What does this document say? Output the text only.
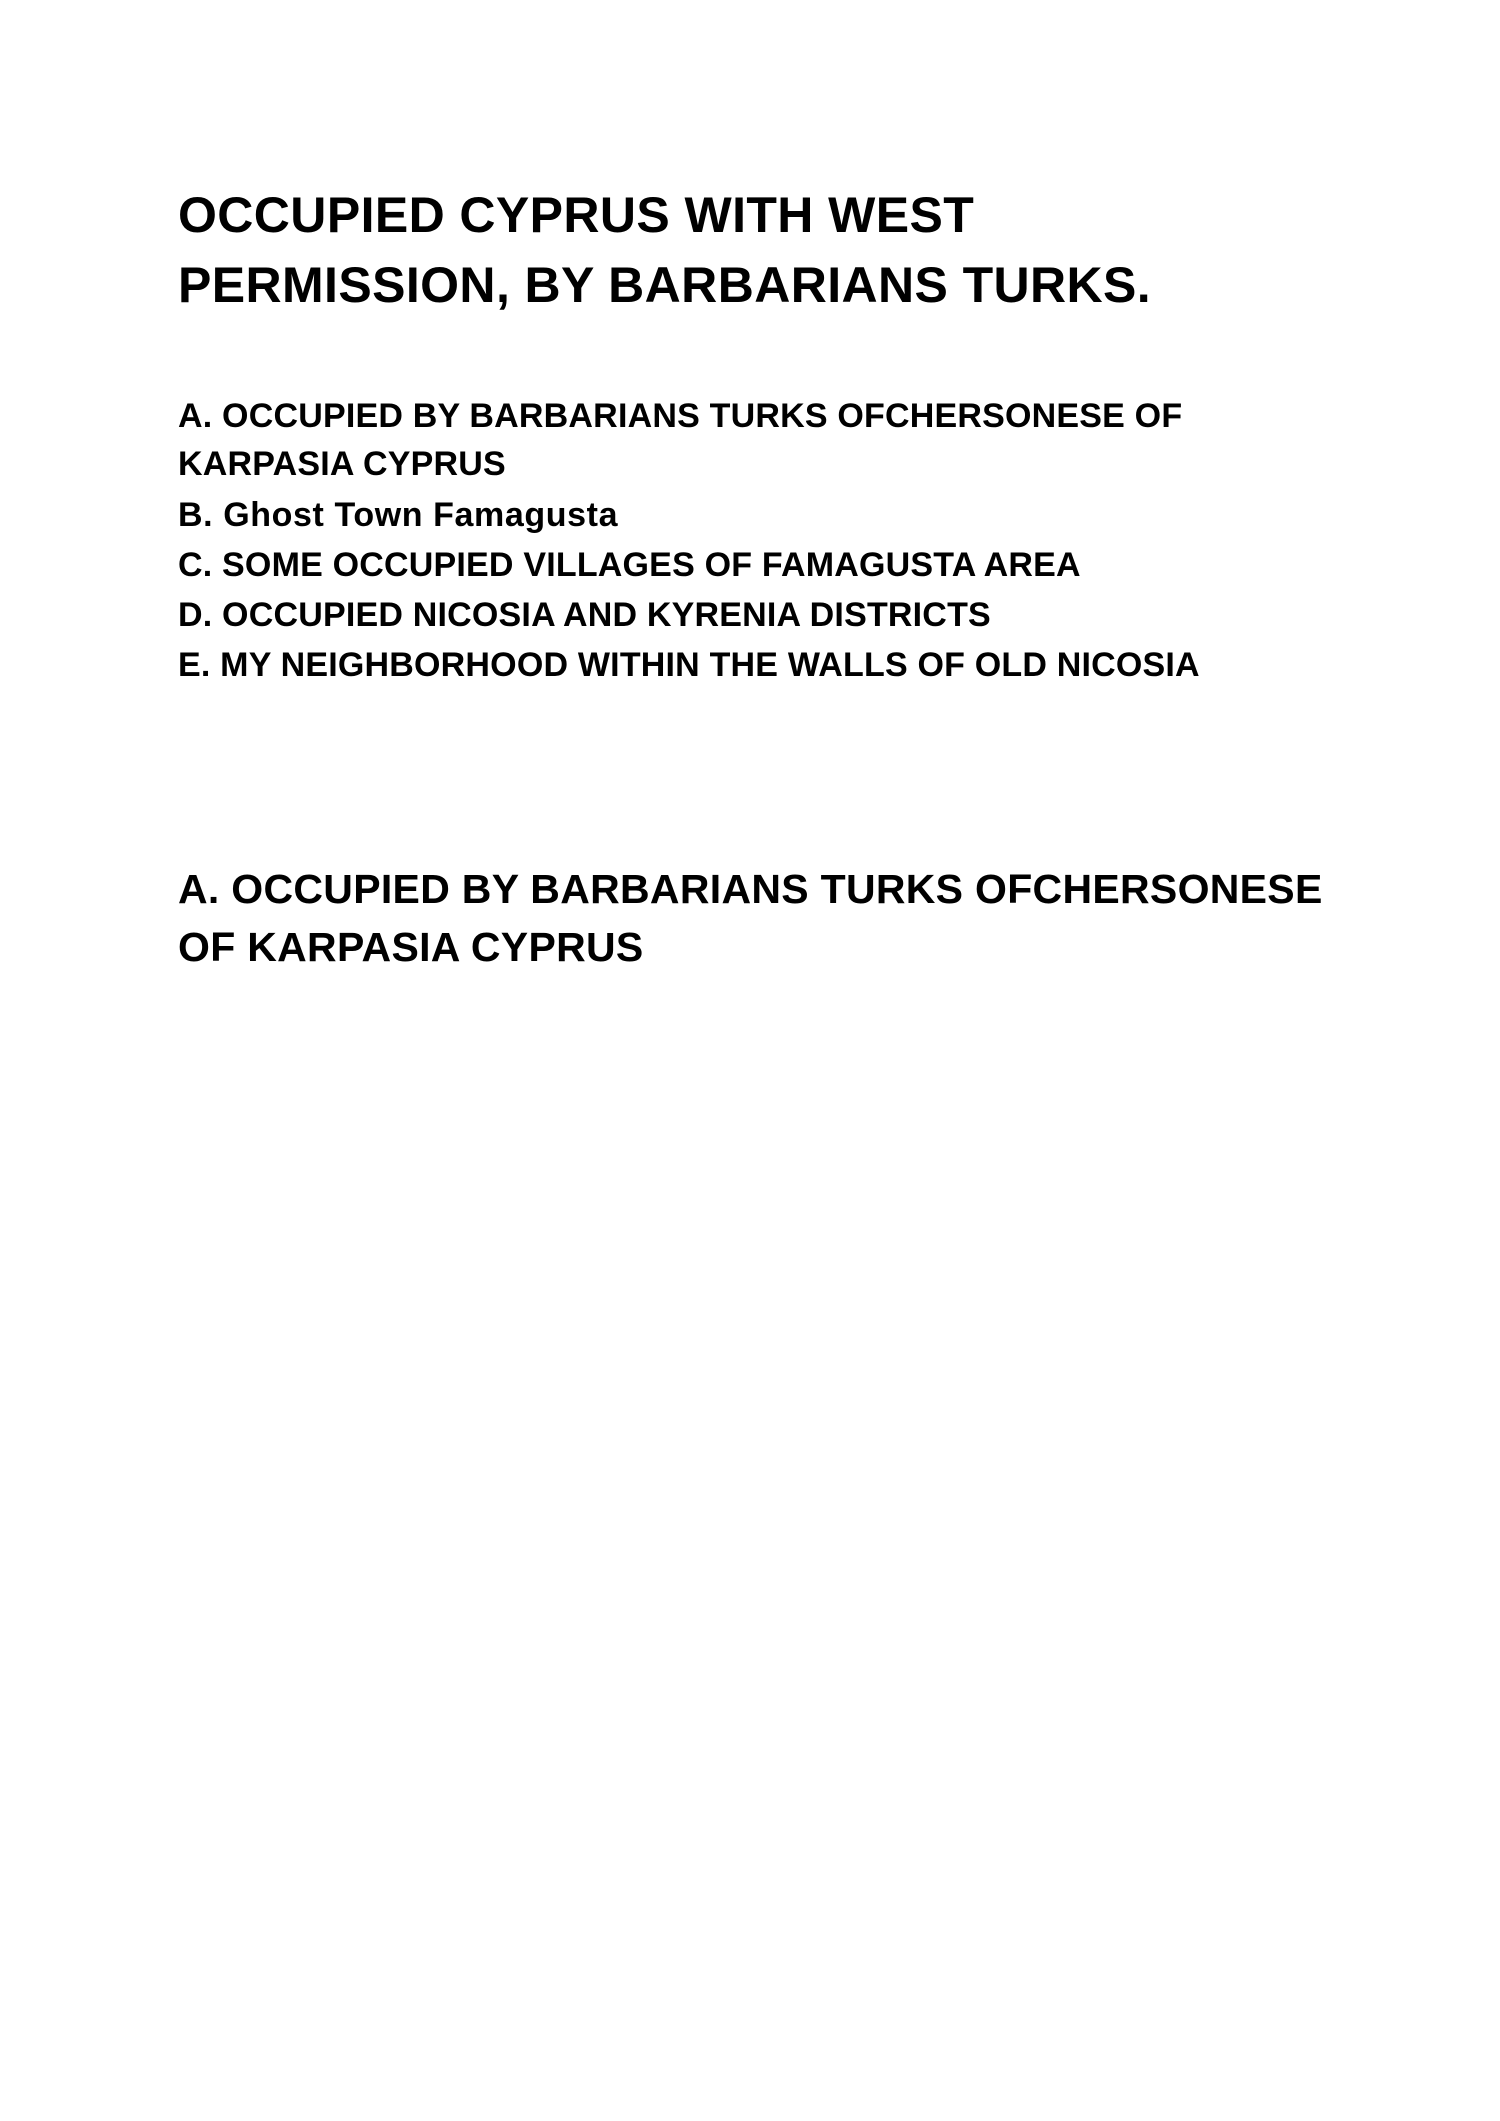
OCCUPIED CYPRUS WITH WEST PERMISSION, BY BARBARIANS TURKS.

A. OCCUPIED BY BARBARIANS TURKS OFCHERSONESE OF KARPASIA CYPRUS

B. Ghost Town Famagusta

C. SOME OCCUPIED VILLAGES OF FAMAGUSTA AREA

D. OCCUPIED NICOSIA AND KYRENIA DISTRICTS

E. MY NEIGHBORHOOD WITHIN THE WALLS OF OLD NICOSIA

A. OCCUPIED BY BARBARIANS TURKS OFCHERSONESE OF KARPASIA CYPRUS
